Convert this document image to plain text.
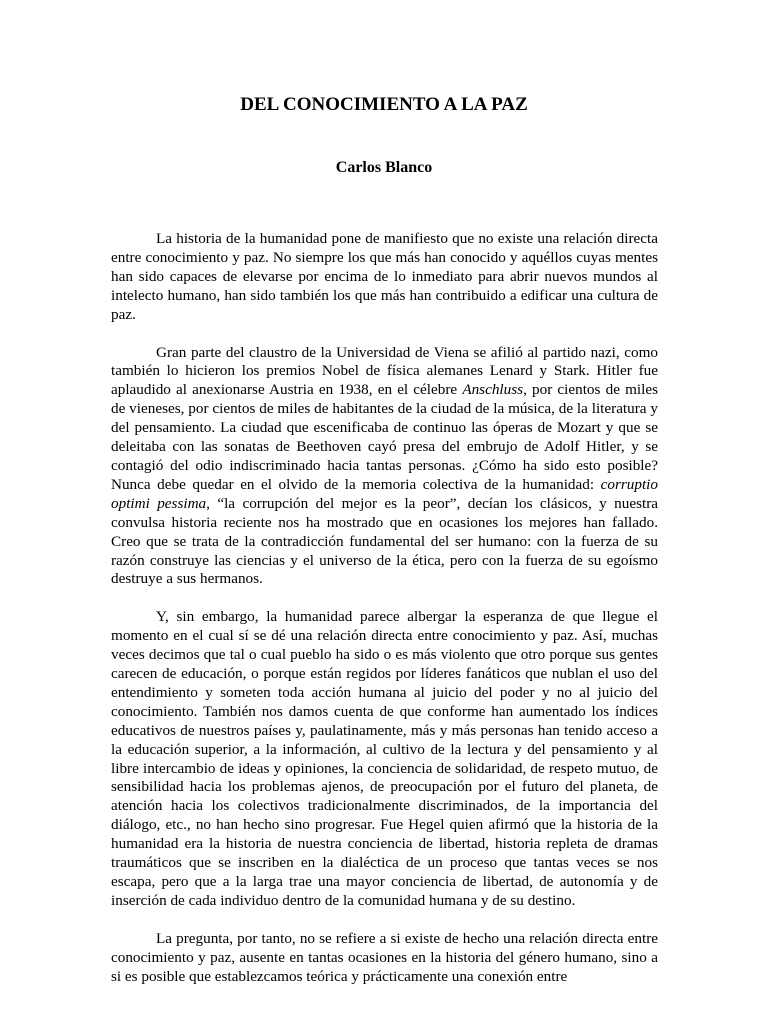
DEL CONOCIMIENTO A LA PAZ
Carlos Blanco

La historia de la humanidad pone de manifiesto que no existe una relación directa entre conocimiento y paz. No siempre los que más han conocido y aquéllos cuyas mentes han sido capaces de elevarse por encima de lo inmediato para abrir nuevos mundos al intelecto humano, han sido también los que más han contribuido a edificar una cultura de paz.

Gran parte del claustro de la Universidad de Viena se afilió al partido nazi, como también lo hicieron los premios Nobel de física alemanes Lenard y Stark. Hitler fue aplaudido al anexionarse Austria en 1938, en el célebre Anschluss, por cientos de miles de vieneses, por cientos de miles de habitantes de la ciudad de la música, de la literatura y del pensamiento. La ciudad que escenificaba de continuo las óperas de Mozart y que se deleitaba con las sonatas de Beethoven cayó presa del embrujo de Adolf Hitler, y se contagió del odio indiscriminado hacia tantas personas. ¿Cómo ha sido esto posible? Nunca debe quedar en el olvido de la memoria colectiva de la humanidad: corruptio optimi pessima, “la corrupción del mejor es la peor”, decían los clásicos, y nuestra convulsa historia reciente nos ha mostrado que en ocasiones los mejores han fallado. Creo que se trata de la contradicción fundamental del ser humano: con la fuerza de su razón construye las ciencias y el universo de la ética, pero con la fuerza de su egoísmo destruye a sus hermanos.

Y, sin embargo, la humanidad parece albergar la esperanza de que llegue el momento en el cual sí se dé una relación directa entre conocimiento y paz. Así, muchas veces decimos que tal o cual pueblo ha sido o es más violento que otro porque sus gentes carecen de educación, o porque están regidos por líderes fanáticos que nublan el uso del entendimiento y someten toda acción humana al juicio del poder y no al juicio del conocimiento. También nos damos cuenta de que conforme han aumentado los índices educativos de nuestros países y, paulatinamente, más y más personas han tenido acceso a la educación superior, a la información, al cultivo de la lectura y del pensamiento y al libre intercambio de ideas y opiniones, la conciencia de solidaridad, de respeto mutuo, de sensibilidad hacia los problemas ajenos, de preocupación por el futuro del planeta, de atención hacia los colectivos tradicionalmente discriminados, de la importancia del diálogo, etc., no han hecho sino progresar. Fue Hegel quien afirmó que la historia de la humanidad era la historia de nuestra conciencia de libertad, historia repleta de dramas traumáticos que se inscriben en la dialéctica de un proceso que tantas veces se nos escapa, pero que a la larga trae una mayor conciencia de libertad, de autonomía y de inserción de cada individuo dentro de la comunidad humana y de su destino.

La pregunta, por tanto, no se refiere a si existe de hecho una relación directa entre conocimiento y paz, ausente en tantas ocasiones en la historia del género humano, sino a si es posible que establezcamos teórica y prácticamente una conexión entre
